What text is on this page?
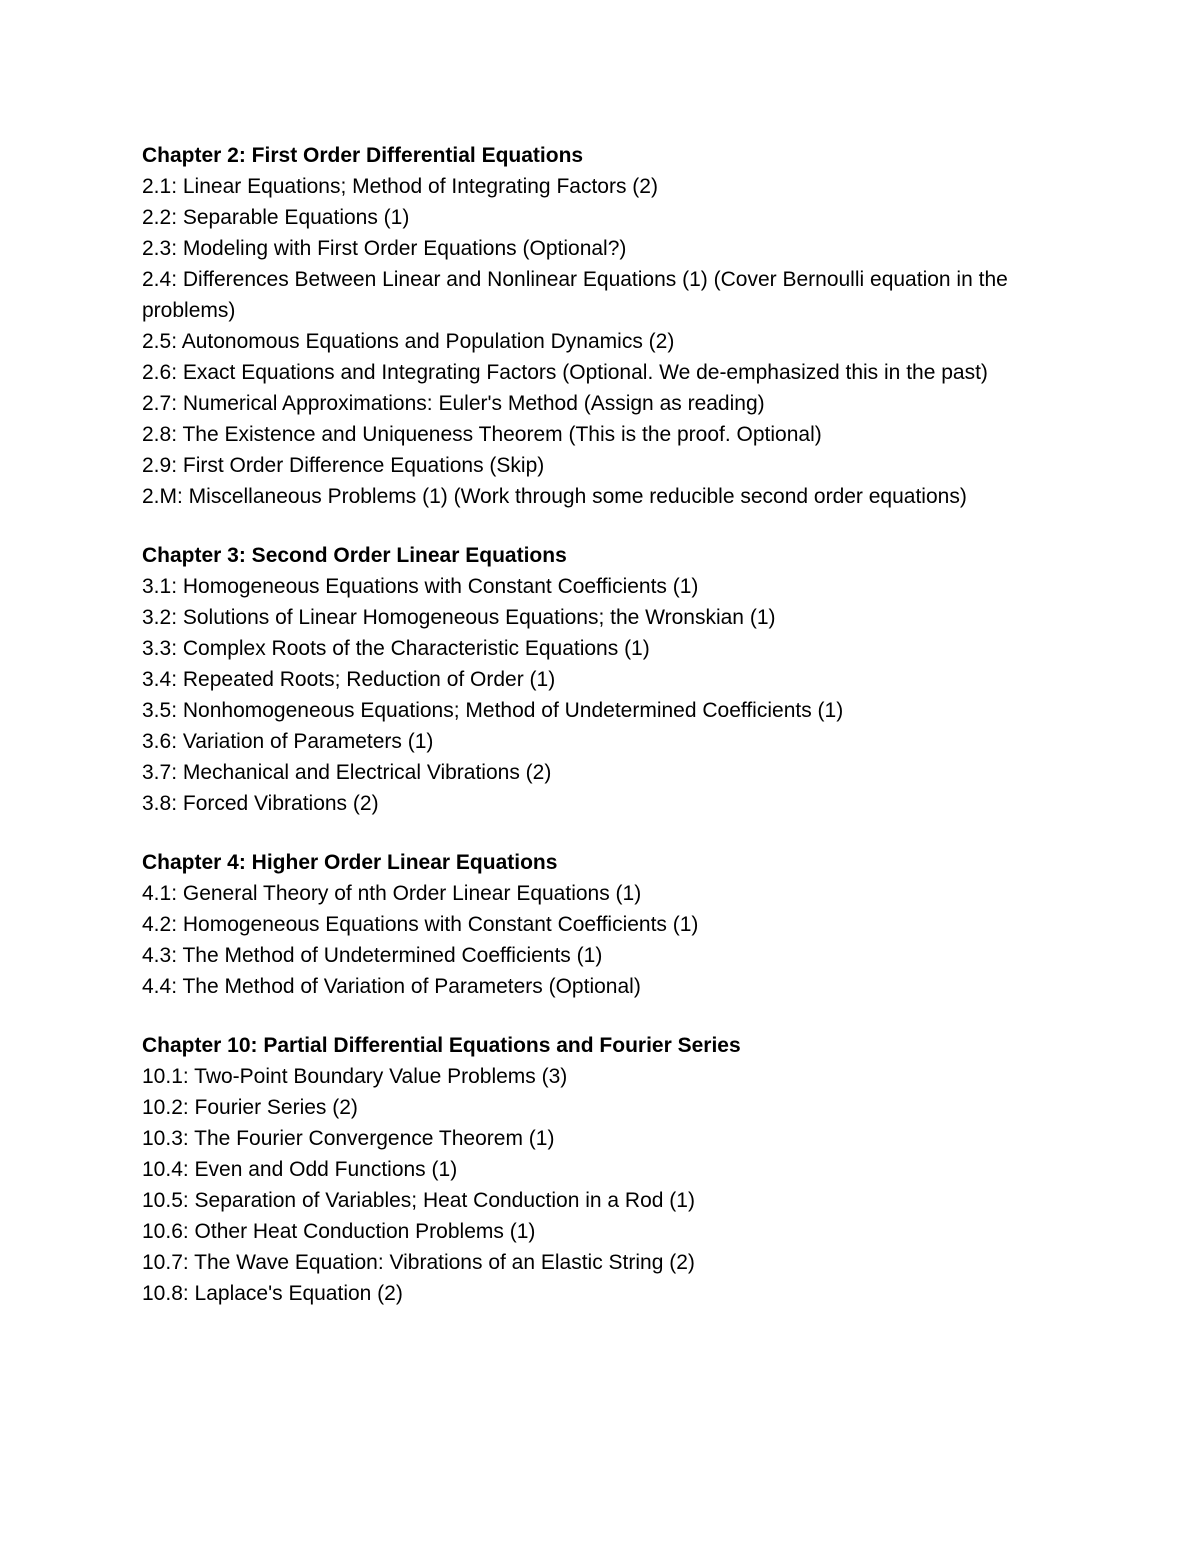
Chapter 2: First Order Differential Equations

2.1: Linear Equations; Method of Integrating Factors (2)

2.2: Separable Equations (1)

2.3: Modeling with First Order Equations (Optional?)

2.4: Differences Between Linear and Nonlinear Equations (1) (Cover Bernoulli equation in the problems)

2.5: Autonomous Equations and Population Dynamics (2)

2.6: Exact Equations and Integrating Factors (Optional. We de-emphasized this in the past)

2.7: Numerical Approximations: Euler's Method (Assign as reading)

2.8: The Existence and Uniqueness Theorem (This is the proof. Optional)

2.9: First Order Difference Equations (Skip)

2.M: Miscellaneous Problems (1) (Work through some reducible second order equations)

Chapter 3: Second Order Linear Equations

3.1: Homogeneous Equations with Constant Coefficients (1)

3.2: Solutions of Linear Homogeneous Equations; the Wronskian (1)

3.3: Complex Roots of the Characteristic Equations (1)

3.4: Repeated Roots; Reduction of Order (1)

3.5: Nonhomogeneous Equations; Method of Undetermined Coefficients (1)

3.6: Variation of Parameters (1)

3.7: Mechanical and Electrical Vibrations (2)

3.8: Forced Vibrations (2)

Chapter 4: Higher Order Linear Equations

4.1: General Theory of nth Order Linear Equations (1)

4.2: Homogeneous Equations with Constant Coefficients (1)

4.3: The Method of Undetermined Coefficients (1)

4.4: The Method of Variation of Parameters (Optional)

Chapter 10: Partial Differential Equations and Fourier Series

10.1: Two-Point Boundary Value Problems (3)

10.2: Fourier Series (2)

10.3: The Fourier Convergence Theorem (1)

10.4: Even and Odd Functions (1)

10.5: Separation of Variables; Heat Conduction in a Rod (1)

10.6: Other Heat Conduction Problems (1)

10.7: The Wave Equation: Vibrations of an Elastic String (2)

10.8: Laplace's Equation (2)
